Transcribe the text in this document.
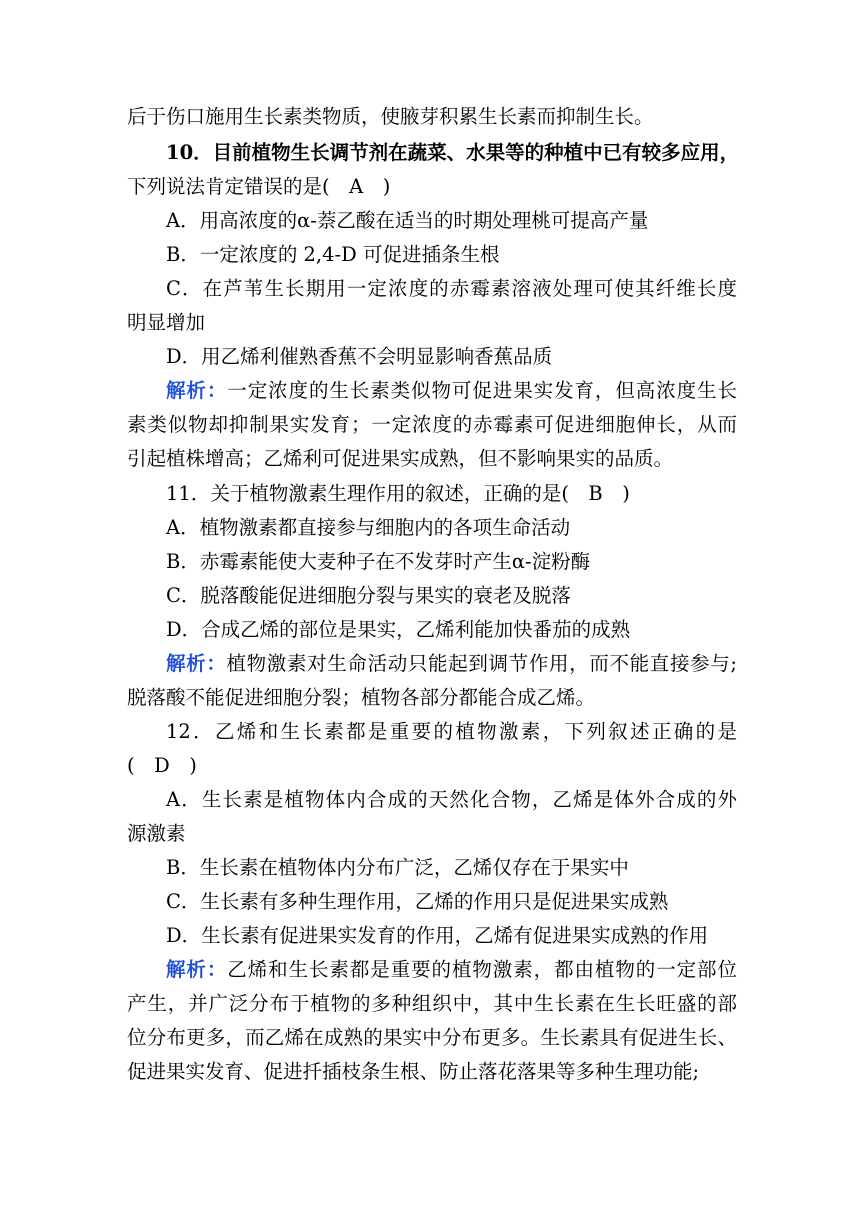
后于伤口施用生长素类物质，使腋芽积累生长素而抑制生长。
10．目前植物生长调节剂在蔬菜、水果等的种植中已有较多应用，
下列说法肯定错误的是(　A　)
A．用高浓度的α-萘乙酸在适当的时期处理桃可提高产量
B．一定浓度的 2,4-D 可促进插条生根
C．在芦苇生长期用一定浓度的赤霉素溶液处理可使其纤维长度
明显增加
D．用乙烯利催熟香蕉不会明显影响香蕉品质
解析：一定浓度的生长素类似物可促进果实发育，但高浓度生长
素类似物却抑制果实发育；一定浓度的赤霉素可促进细胞伸长，从而
引起植株增高；乙烯利可促进果实成熟，但不影响果实的品质。
11．关于植物激素生理作用的叙述，正确的是(　B　)
A．植物激素都直接参与细胞内的各项生命活动
B．赤霉素能使大麦种子在不发芽时产生α-淀粉酶
C．脱落酸能促进细胞分裂与果实的衰老及脱落
D．合成乙烯的部位是果实，乙烯利能加快番茄的成熟
解析：植物激素对生命活动只能起到调节作用，而不能直接参与;
脱落酸不能促进细胞分裂；植物各部分都能合成乙烯。
12．乙烯和生长素都是重要的植物激素，下列叙述正确的是
(　D　)
A．生长素是植物体内合成的天然化合物，乙烯是体外合成的外
源激素
B．生长素在植物体内分布广泛，乙烯仅存在于果实中
C．生长素有多种生理作用，乙烯的作用只是促进果实成熟
D．生长素有促进果实发育的作用，乙烯有促进果实成熟的作用
解析：乙烯和生长素都是重要的植物激素，都由植物的一定部位
产生，并广泛分布于植物的多种组织中，其中生长素在生长旺盛的部
位分布更多，而乙烯在成熟的果实中分布更多。生长素具有促进生长、
促进果实发育、促进扦插枝条生根、防止落花落果等多种生理功能;
